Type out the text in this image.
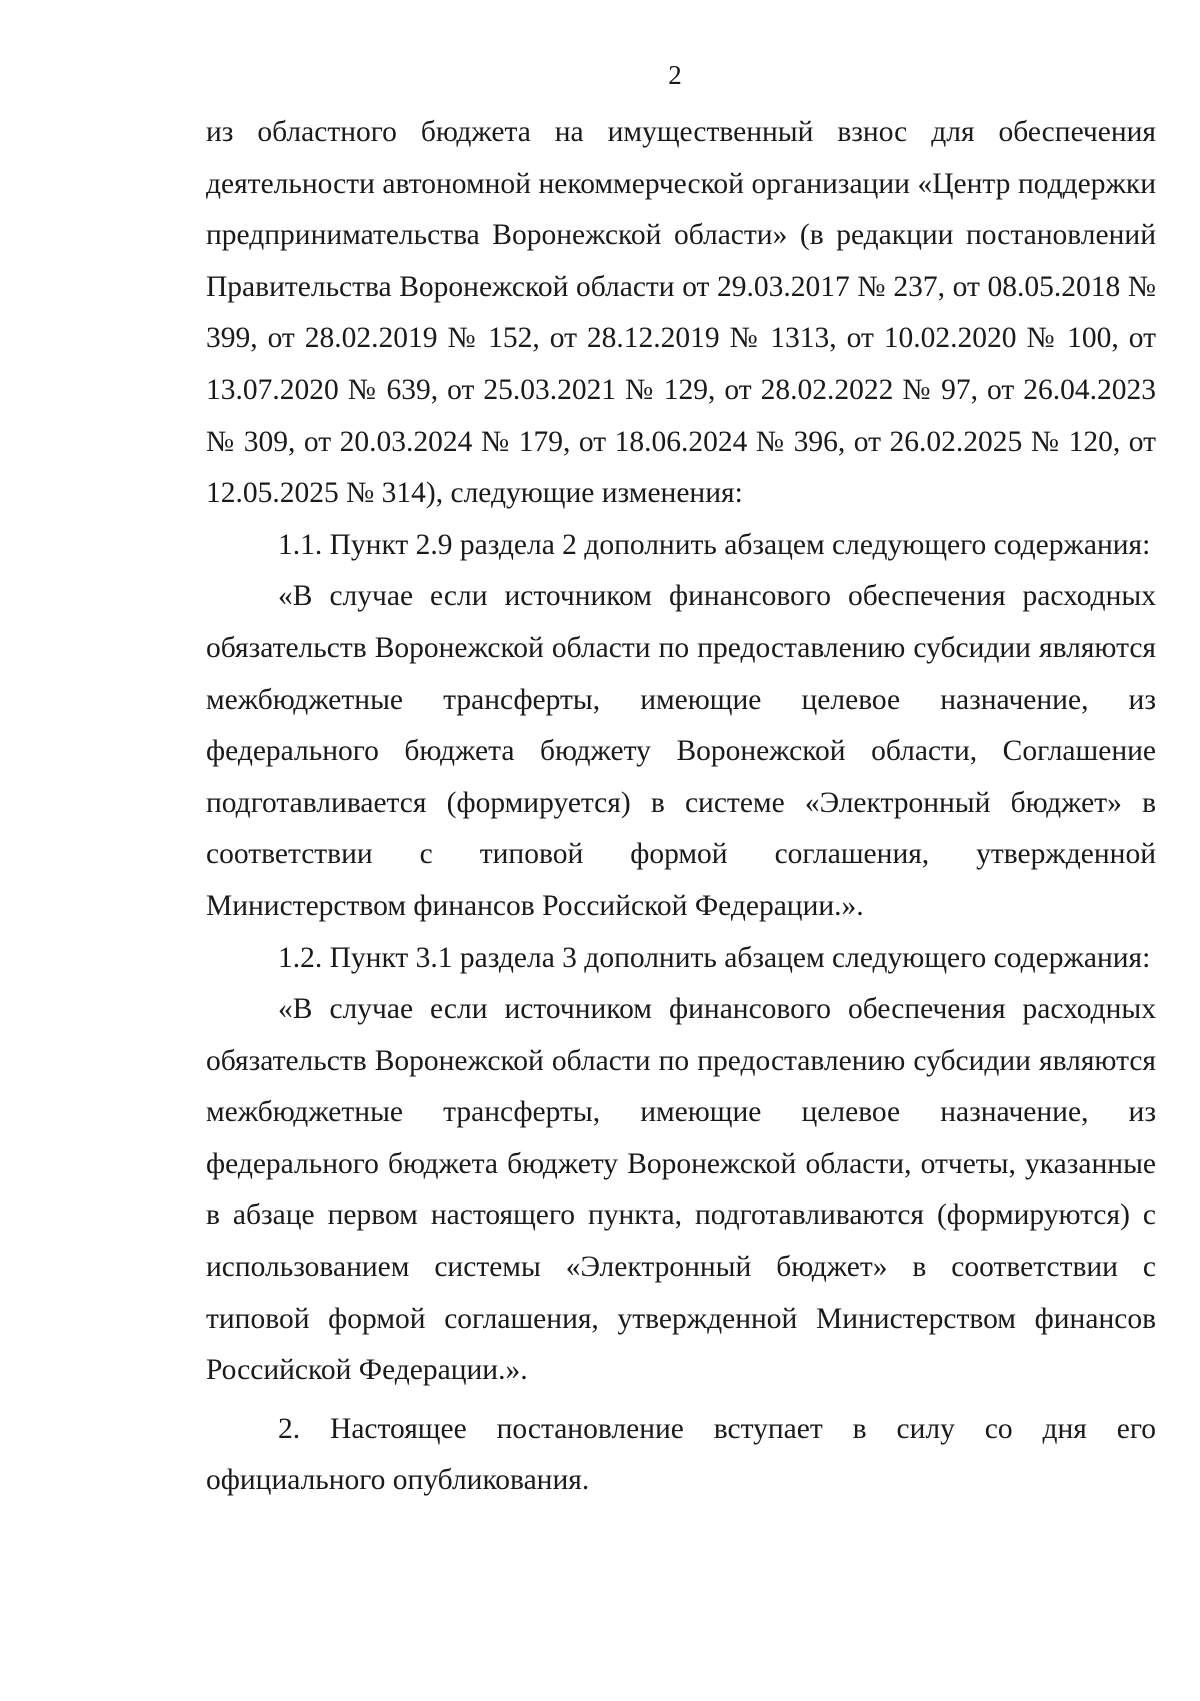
2

из областного бюджета на имущественный взнос для обеспечения деятельности автономной некоммерческой организации «Центр поддержки предпринимательства Воронежской области» (в редакции постановлений Правительства Воронежской области от 29.03.2017 № 237, от 08.05.2018 № 399, от 28.02.2019 № 152, от 28.12.2019 № 1313, от 10.02.2020 № 100, от 13.07.2020 № 639, от 25.03.2021 № 129, от 28.02.2022 № 97, от 26.04.2023 № 309, от 20.03.2024 № 179, от 18.06.2024 № 396, от 26.02.2025 № 120, от 12.05.2025 № 314), следующие изменения:

1.1. Пункт 2.9 раздела 2 дополнить абзацем следующего содержания:

«В случае если источником финансового обеспечения расходных обязательств Воронежской области по предоставлению субсидии являются межбюджетные трансферты, имеющие целевое назначение, из федерального бюджета бюджету Воронежской области, Соглашение подготавливается (формируется) в системе «Электронный бюджет» в соответствии с типовой формой соглашения, утвержденной Министерством финансов Российской Федерации.».

1.2. Пункт 3.1 раздела 3 дополнить абзацем следующего содержания:

«В случае если источником финансового обеспечения расходных обязательств Воронежской области по предоставлению субсидии являются межбюджетные трансферты, имеющие целевое назначение, из федерального бюджета бюджету Воронежской области, отчеты, указанные в абзаце первом настоящего пункта, подготавливаются (формируются) с использованием системы «Электронный бюджет» в соответствии с типовой формой соглашения, утвержденной Министерством финансов Российской Федерации.».

2. Настоящее постановление вступает в силу со дня его официального опубликования.
